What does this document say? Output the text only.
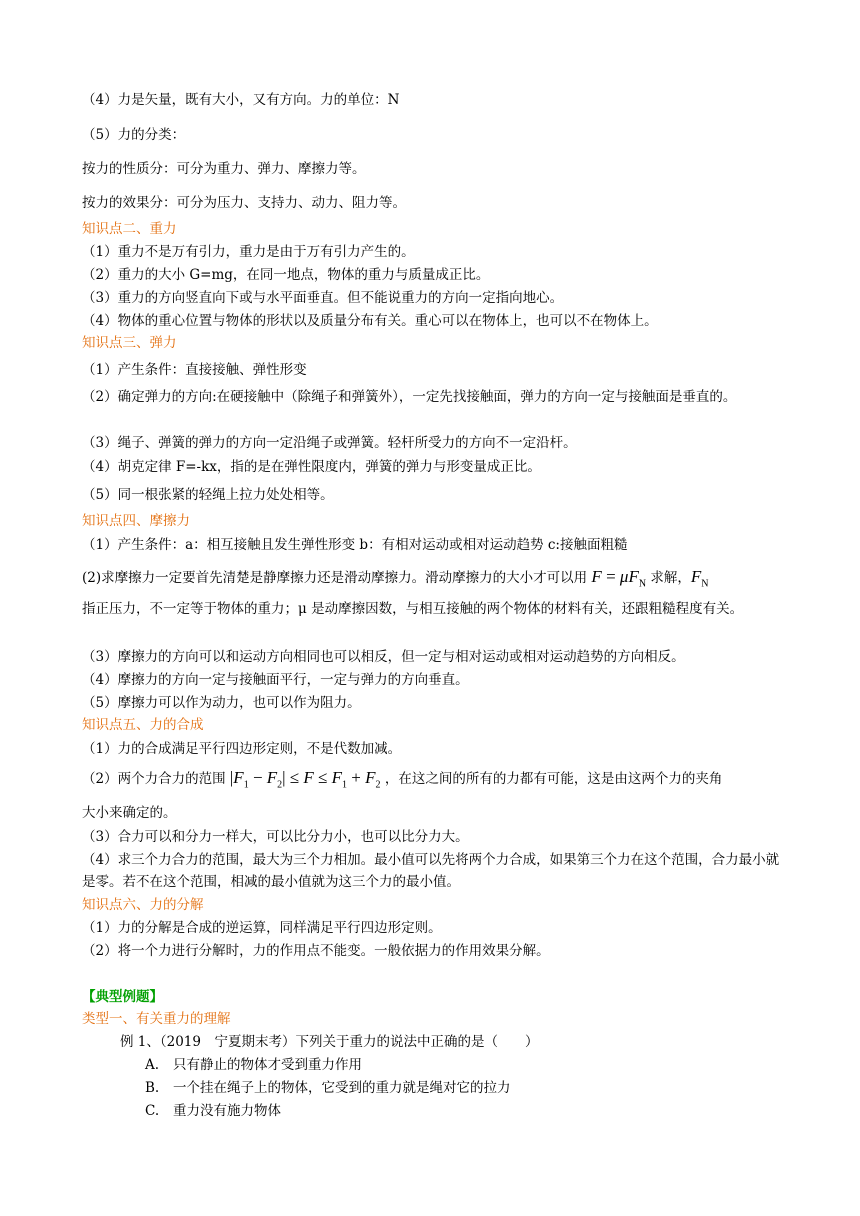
（4）力是矢量，既有大小，又有方向。力的单位：N
（5）力的分类：
按力的性质分：可分为重力、弹力、摩擦力等。
按力的效果分：可分为压力、支持力、动力、阻力等。
知识点二、重力
（1）重力不是万有引力，重力是由于万有引力产生的。
（2）重力的大小 G=mg，在同一地点，物体的重力与质量成正比。
（3）重力的方向竖直向下或与水平面垂直。但不能说重力的方向一定指向地心。
（4）物体的重心位置与物体的形状以及质量分布有关。重心可以在物体上，也可以不在物体上。
知识点三、弹力
（1）产生条件：直接接触、弹性形变
（2）确定弹力的方向:在硬接触中（除绳子和弹簧外），一定先找接触面，弹力的方向一定与接触面是垂直的。
（3）绳子、弹簧的弹力的方向一定沿绳子或弹簧。轻杆所受力的方向不一定沿杆。
（4）胡克定律 F=-kx，指的是在弹性限度内，弹簧的弹力与形变量成正比。
（5）同一根张紧的轻绳上拉力处处相等。
知识点四、摩擦力
（1）产生条件：a：相互接触且发生弹性形变 b：有相对运动或相对运动趋势 c:接触面粗糙
(2)求摩擦力一定要首先清楚是静摩擦力还是滑动摩擦力。滑动摩擦力的大小才可以用 $F = \mu F_N$ 求解，$F_N$
指正压力，不一定等于物体的重力；μ 是动摩擦因数，与相互接触的两个物体的材料有关，还跟粗糙程度有关。
（3）摩擦力的方向可以和运动方向相同也可以相反，但一定与相对运动或相对运动趋势的方向相反。
（4）摩擦力的方向一定与接触面平行，一定与弹力的方向垂直。
（5）摩擦力可以作为动力，也可以作为阻力。
知识点五、力的合成
（1）力的合成满足平行四边形定则，不是代数加减。
（2）两个力合力的范围 $|F_1 - F_2| \le F \le F_1 + F_2$ ，在这之间的所有的力都有可能，这是由这两个力的夹角
大小来确定的。
（3）合力可以和分力一样大，可以比分力小，也可以比分力大。
（4）求三个力合力的范围，最大为三个力相加。最小值可以先将两个力合成，如果第三个力在这个范围，合力最小就是零。若不在这个范围，相减的最小值就为这三个力的最小值。
知识点六、力的分解
（1）力的分解是合成的逆运算，同样满足平行四边形定则。
（2）将一个力进行分解时，力的作用点不能变。一般依据力的作用效果分解。
【典型例题】
类型一、有关重力的理解
例 1、（2019　宁夏期末考）下列关于重力的说法中正确的是（　　）
A. 只有静止的物体才受到重力作用
B. 一个挂在绳子上的物体，它受到的重力就是绳对它的拉力
C. 重力没有施力物体
